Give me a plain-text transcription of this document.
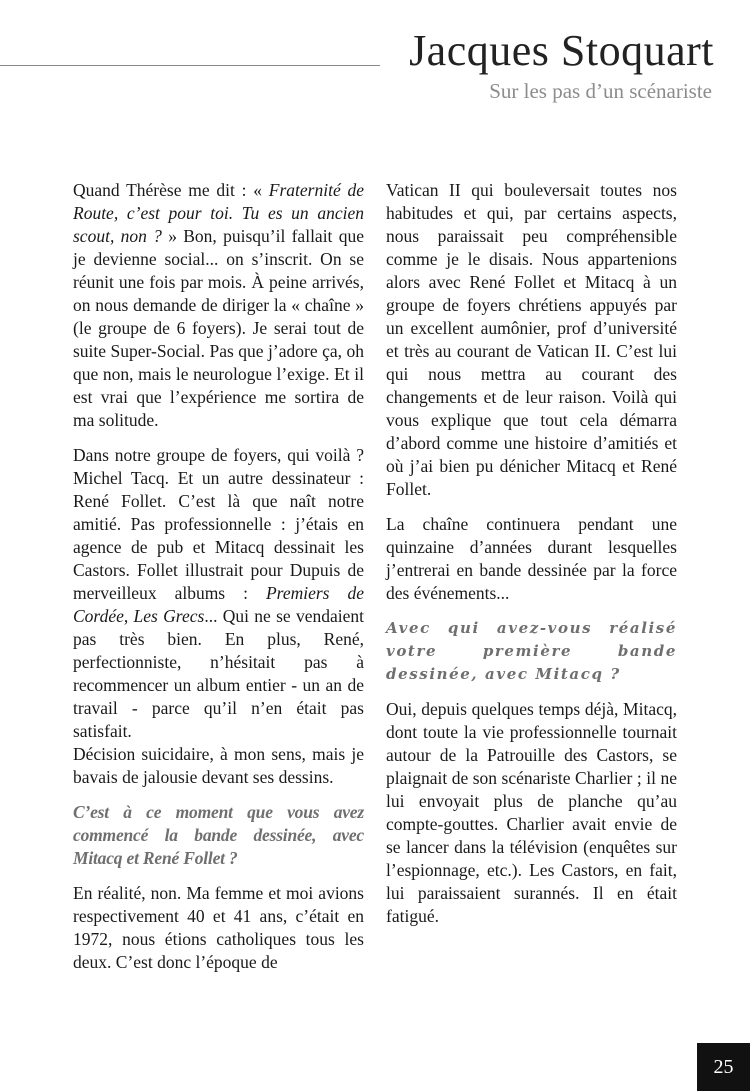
Jacques Stoquart
Sur les pas d’un scénariste

Quand Thérèse me dit : « Fraternité de Route, c’est pour toi. Tu es un ancien scout, non ? » Bon, puisqu’il fallait que je devienne social... on s’inscrit. On se réunit une fois par mois. À peine arrivés, on nous demande de diriger la « chaîne » (le groupe de 6 foyers). Je serai tout de suite Super-Social. Pas que j’adore ça, oh que non, mais le neurologue l’exige. Et il est vrai que l’expérience me sortira de ma solitude.

Dans notre groupe de foyers, qui voilà ? Michel Tacq. Et un autre dessinateur : René Follet. C’est là que naît notre amitié. Pas professionnelle : j’étais en agence de pub et Mitacq dessinait les Castors. Follet illustrait pour Dupuis de merveilleux albums : Premiers de Cordée, Les Grecs... Qui ne se vendaient pas très bien. En plus, René, perfectionniste, n’hésitait pas à recommencer un album entier - un an de travail - parce qu’il n’en était pas satisfait.

Décision suicidaire, à mon sens, mais je bavais de jalousie devant ses dessins.

C’est à ce moment que vous avez commencé la bande dessinée, avec Mitacq et René Follet ?

En réalité, non. Ma femme et moi avions respectivement 40 et 41 ans, c’était en 1972, nous étions catholiques tous les deux. C’est donc l’époque de

Vatican II qui bouleversait toutes nos habitudes et qui, par certains aspects, nous paraissait peu compréhensible comme je le disais. Nous appartenions alors avec René Follet et Mitacq à un groupe de foyers chrétiens appuyés par un excellent aumônier, prof d’université et très au courant de Vatican II. C’est lui qui nous mettra au courant des changements et de leur raison. Voilà qui vous explique que tout cela démarra d’abord comme une histoire d’amitiés et où j’ai bien pu dénicher Mitacq et René Follet.

La chaîne continuera pendant une quinzaine d’années durant lesquelles j’entrerai en bande dessinée par la force des événements...

Avec qui avez-vous réalisé votre première bande dessinée, avec Mitacq ?

Oui, depuis quelques temps déjà, Mitacq, dont toute la vie professionnelle tournait autour de la Patrouille des Castors, se plaignait de son scénariste Charlier ; il ne lui envoyait plus de planche qu’au compte-gouttes. Charlier avait envie de se lancer dans la télévision (enquêtes sur l’espionnage, etc.). Les Castors, en fait, lui paraissaient surannés. Il en était fatigué.

25
